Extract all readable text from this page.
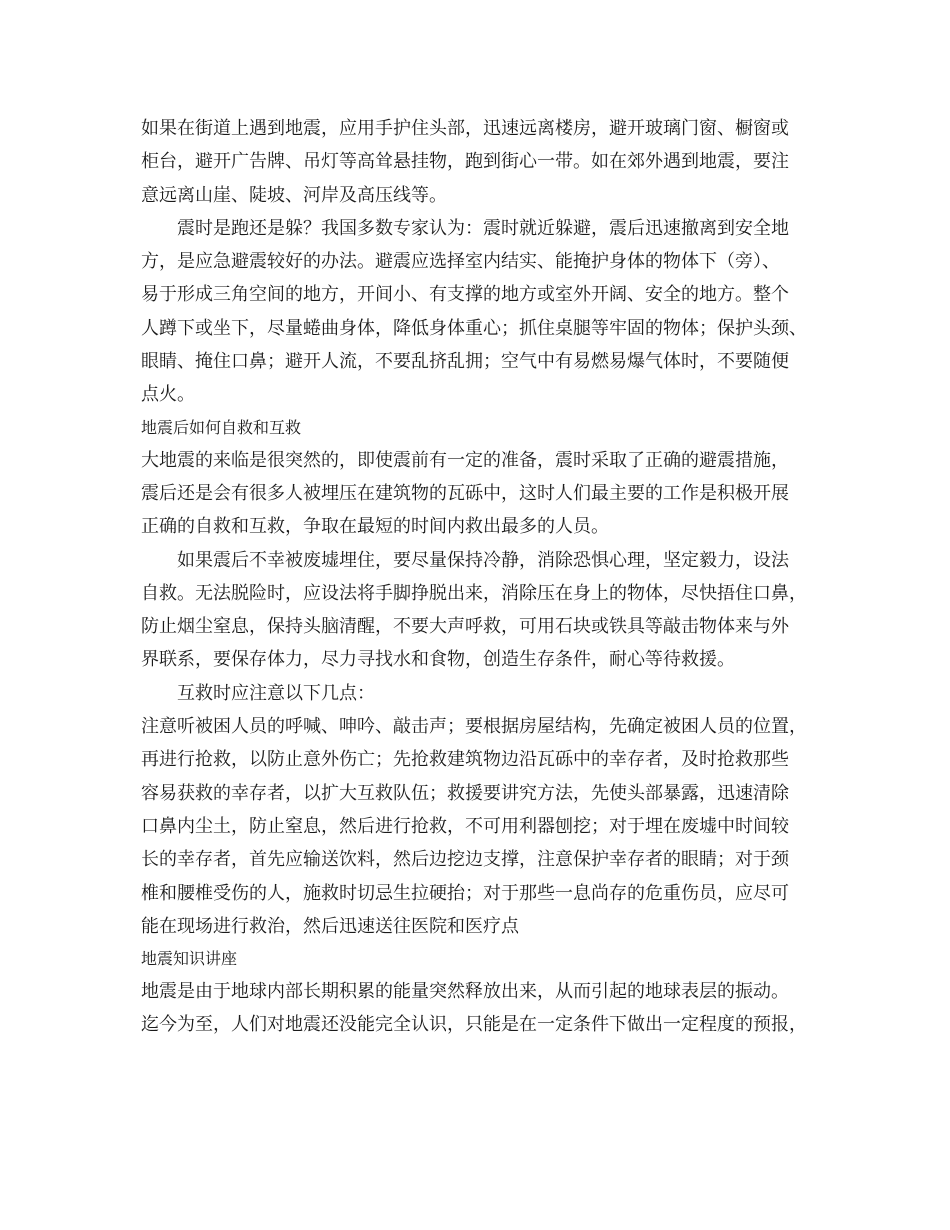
如果在街道上遇到地震，应用手护住头部，迅速远离楼房，避开玻璃门窗、橱窗或
柜台，避开广告牌、吊灯等高耸悬挂物，跑到街心一带。如在郊外遇到地震，要注
意远离山崖、陡坡、河岸及高压线等。
震时是跑还是躲？我国多数专家认为：震时就近躲避，震后迅速撤离到安全地
方，是应急避震较好的办法。避震应选择室内结实、能掩护身体的物体下（旁）、
易于形成三角空间的地方，开间小、有支撑的地方或室外开阔、安全的地方。整个
人蹲下或坐下，尽量蜷曲身体，降低身体重心；抓住桌腿等牢固的物体；保护头颈、
眼睛、掩住口鼻；避开人流，不要乱挤乱拥；空气中有易燃易爆气体时，不要随便
点火。
地震后如何自救和互救
大地震的来临是很突然的，即使震前有一定的准备，震时采取了正确的避震措施，
震后还是会有很多人被埋压在建筑物的瓦砾中，这时人们最主要的工作是积极开展
正确的自救和互救，争取在最短的时间内救出最多的人员。
如果震后不幸被废墟埋住，要尽量保持冷静，消除恐惧心理，坚定毅力，设法
自救。无法脱险时，应设法将手脚挣脱出来，消除压在身上的物体，尽快捂住口鼻，
防止烟尘窒息，保持头脑清醒，不要大声呼救，可用石块或铁具等敲击物体来与外
界联系，要保存体力，尽力寻找水和食物，创造生存条件，耐心等待救援。
互救时应注意以下几点：
注意听被困人员的呼喊、呻吟、敲击声；要根据房屋结构，先确定被困人员的位置，
再进行抢救，以防止意外伤亡；先抢救建筑物边沿瓦砾中的幸存者，及时抢救那些
容易获救的幸存者，以扩大互救队伍；救援要讲究方法，先使头部暴露，迅速清除
口鼻内尘土，防止窒息，然后进行抢救，不可用利器刨挖；对于埋在废墟中时间较
长的幸存者，首先应输送饮料，然后边挖边支撑，注意保护幸存者的眼睛；对于颈
椎和腰椎受伤的人，施救时切忌生拉硬抬；对于那些一息尚存的危重伤员，应尽可
能在现场进行救治，然后迅速送往医院和医疗点
地震知识讲座
地震是由于地球内部长期积累的能量突然释放出来，从而引起的地球表层的振动。
迄今为至，人们对地震还没能完全认识，只能是在一定条件下做出一定程度的预报，
